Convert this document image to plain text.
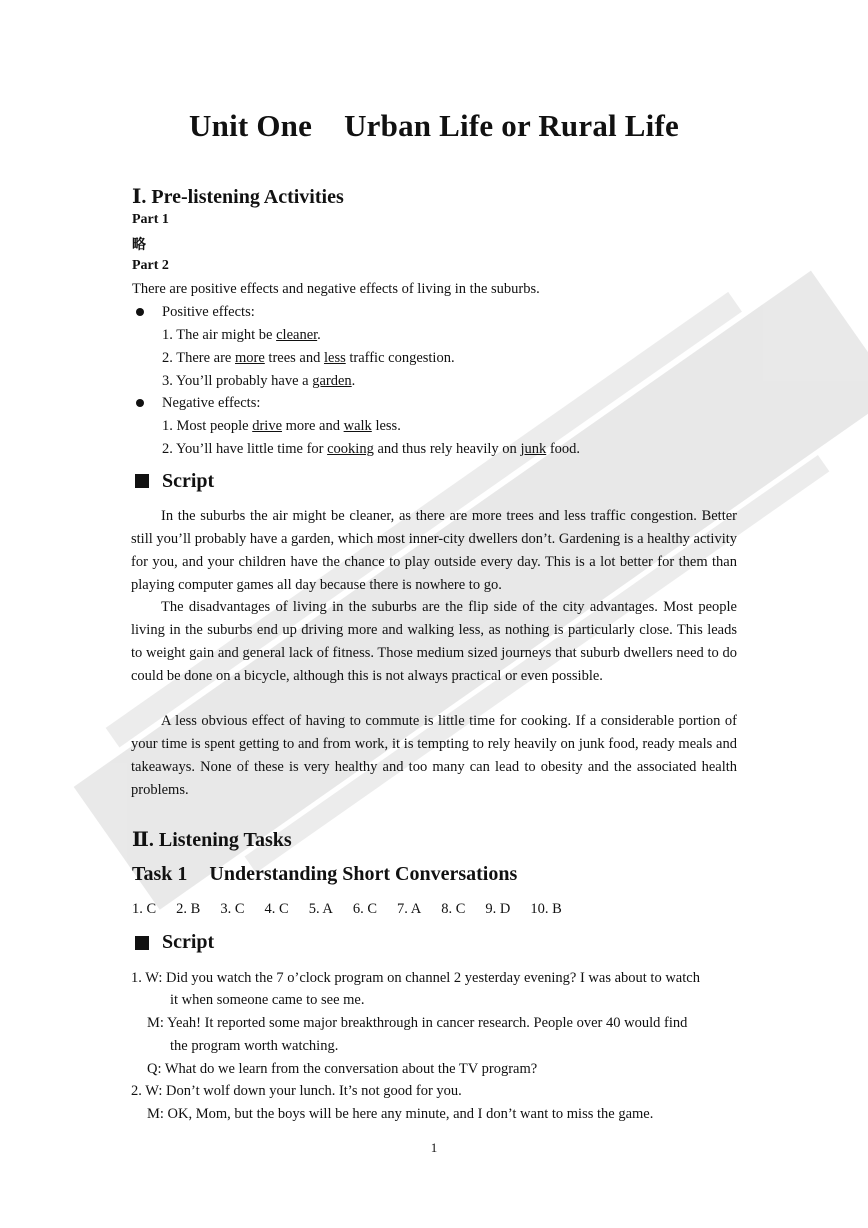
Unit One Urban Life or Rural Life
Ⅰ. Pre-listening Activities
Part 1
略
Part 2
There are positive effects and negative effects of living in the suburbs.
Positive effects:
1. The air might be cleaner.
2. There are more trees and less traffic congestion.
3. You’ll probably have a garden.
Negative effects:
1. Most people drive more and walk less.
2. You’ll have little time for cooking and thus rely heavily on junk food.
Script
In the suburbs the air might be cleaner, as there are more trees and less traffic congestion. Better still you’ll probably have a garden, which most inner-city dwellers don’t. Gardening is a healthy activity for you, and your children have the chance to play outside every day. This is a lot better for them than playing computer games all day because there is nowhere to go.
The disadvantages of living in the suburbs are the flip side of the city advantages. Most people living in the suburbs end up driving more and walking less, as nothing is particularly close. This leads to weight gain and general lack of fitness. Those medium sized journeys that suburb dwellers need to do could be done on a bicycle, although this is not always practical or even possible.
A less obvious effect of having to commute is little time for cooking. If a considerable portion of your time is spent getting to and from work, it is tempting to rely heavily on junk food, ready meals and takeaways. None of these is very healthy and too many can lead to obesity and the associated health problems.
Ⅱ. Listening Tasks
Task 1 Understanding Short Conversations
1. C 2. B 3. C 4. C 5. A 6. C 7. A 8. C 9. D 10. B
Script
1. W: Did you watch the 7 o’clock program on channel 2 yesterday evening? I was about to watch
it when someone came to see me.
M: Yeah! It reported some major breakthrough in cancer research. People over 40 would find
the program worth watching.
Q: What do we learn from the conversation about the TV program?
2. W: Don’t wolf down your lunch. It’s not good for you.
M: OK, Mom, but the boys will be here any minute, and I don’t want to miss the game.
1
